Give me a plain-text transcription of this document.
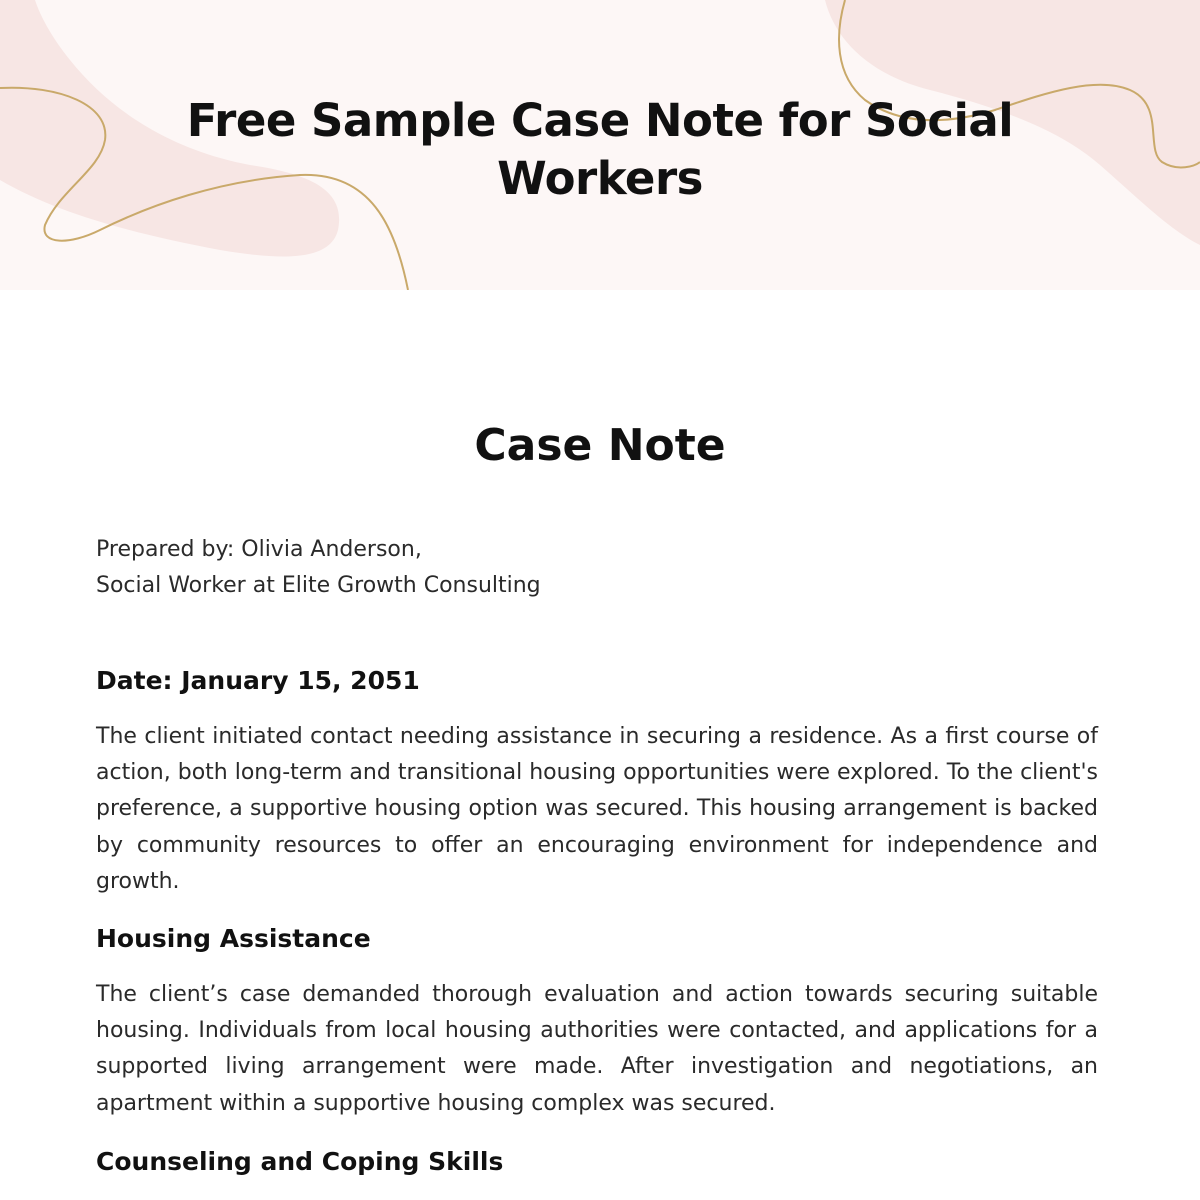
Free Sample Case Note for Social Workers
Case Note

Prepared by: Olivia Anderson,
Social Worker at Elite Growth Consulting

Date: January 15, 2051

The client initiated contact needing assistance in securing a residence. As a first course of action, both long-term and transitional housing opportunities were explored. To the client's preference, a supportive housing option was secured. This housing arrangement is backed by community resources to offer an encouraging environment for independence and growth.

Housing Assistance

The client’s case demanded thorough evaluation and action towards securing suitable housing. Individuals from local housing authorities were contacted, and applications for a supported living arrangement were made. After investigation and negotiations, an apartment within a supportive housing complex was secured.

Counseling and Coping Skills
